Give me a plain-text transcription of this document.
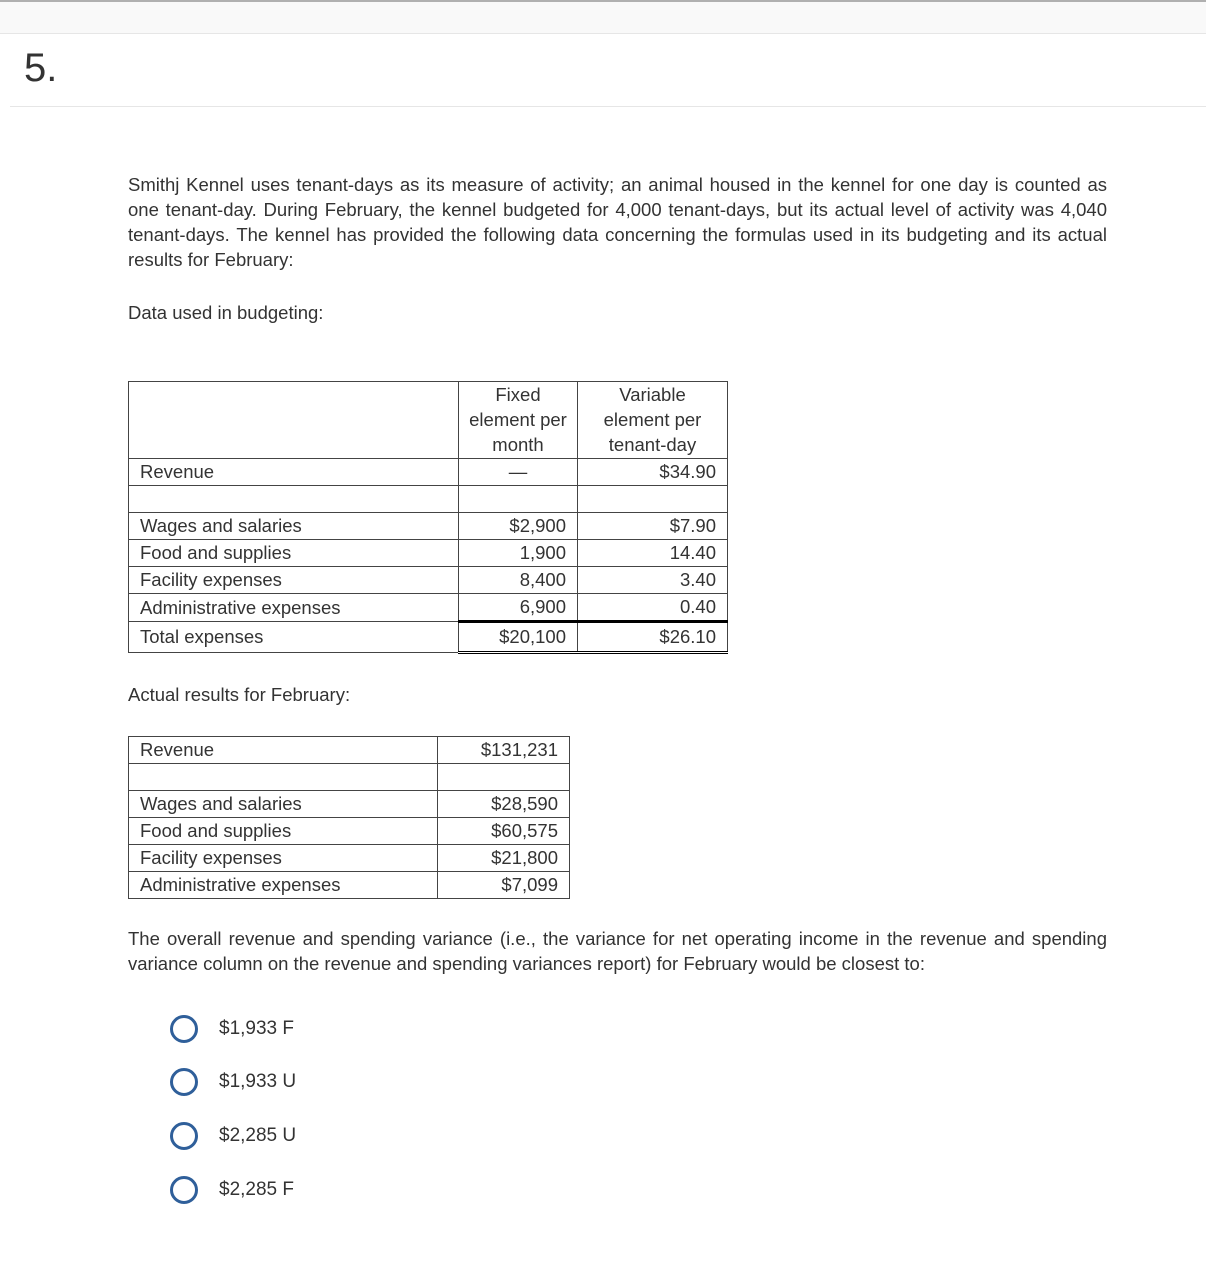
5.

Smithj Kennel uses tenant-days as its measure of activity; an animal housed in the kennel for one day is counted as one tenant-day. During February, the kennel budgeted for 4,000 tenant-days, but its actual level of activity was 4,040 tenant-days. The kennel has provided the following data concerning the formulas used in its budgeting and its actual results for February:

Data used in budgeting:

	Fixed element per month	Variable element per tenant-day
Revenue	—	$34.90

Wages and salaries	$2,900	$7.90
Food and supplies	1,900	14.40
Facility expenses	8,400	3.40
Administrative expenses	6,900	0.40
Total expenses	$20,100	$26.10

Actual results for February:

Revenue	$131,231

Wages and salaries	$28,590
Food and supplies	$60,575
Facility expenses	$21,800
Administrative expenses	$7,099

The overall revenue and spending variance (i.e., the variance for net operating income in the revenue and spending variance column on the revenue and spending variances report) for February would be closest to:

$1,933 F
$1,933 U
$2,285 U
$2,285 F
